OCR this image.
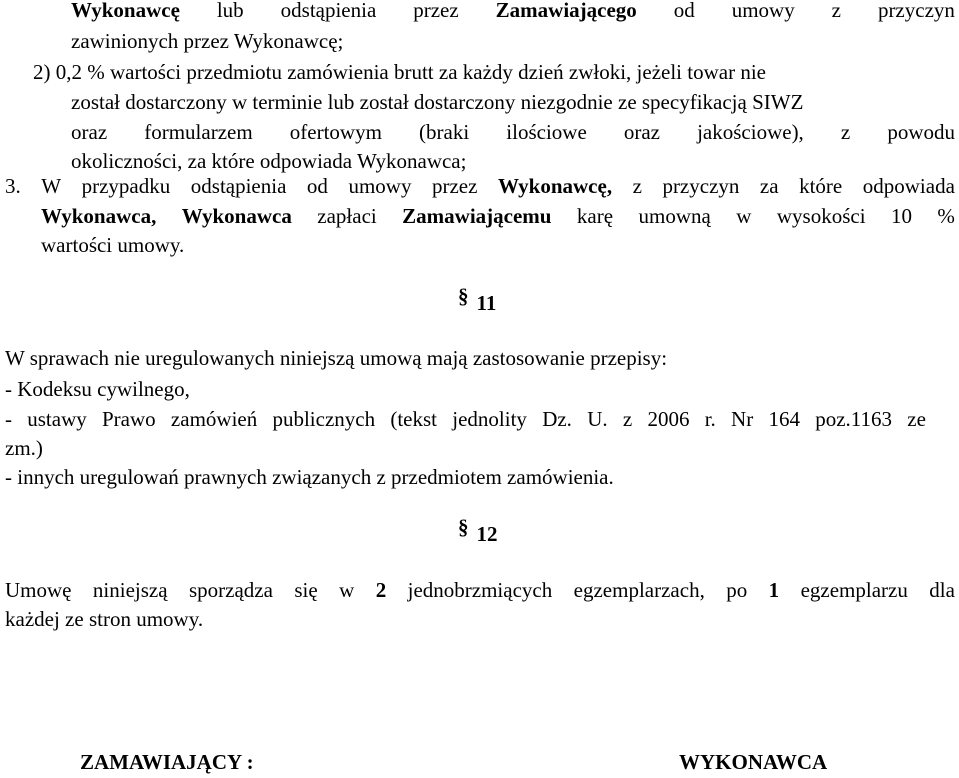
Wykonawcę lub odstąpienia przez Zamawiającego od umowy z przyczyn
zawinionych przez Wykonawcę;
2) 0,2 % wartości przedmiotu zamówienia brutt za każdy dzień zwłoki, jeżeli towar nie
został dostarczony w terminie lub został dostarczony niezgodnie ze specyfikacją SIWZ
oraz formularzem ofertowym (braki ilościowe oraz jakościowe), z powodu
okoliczności, za które odpowiada Wykonawca;
3. W przypadku odstąpienia od umowy przez Wykonawcę, z przyczyn za które odpowiada
Wykonawca, Wykonawca zapłaci Zamawiającemu karę umowną w wysokości 10 %
wartości umowy.
§ 11
W sprawach nie uregulowanych niniejszą umową mają zastosowanie przepisy:
- Kodeksu cywilnego,
- ustawy Prawo zamówień publicznych (tekst jednolity Dz. U. z 2006 r. Nr 164 poz.1163 ze
zm.)
- innych uregulowań prawnych związanych z przedmiotem zamówienia.
§ 12
Umowę niniejszą sporządza się w 2 jednobrzmiących egzemplarzach, po 1 egzemplarzu dla
każdej ze stron umowy.
ZAMAWIAJĄCY :	WYKONAWCA
